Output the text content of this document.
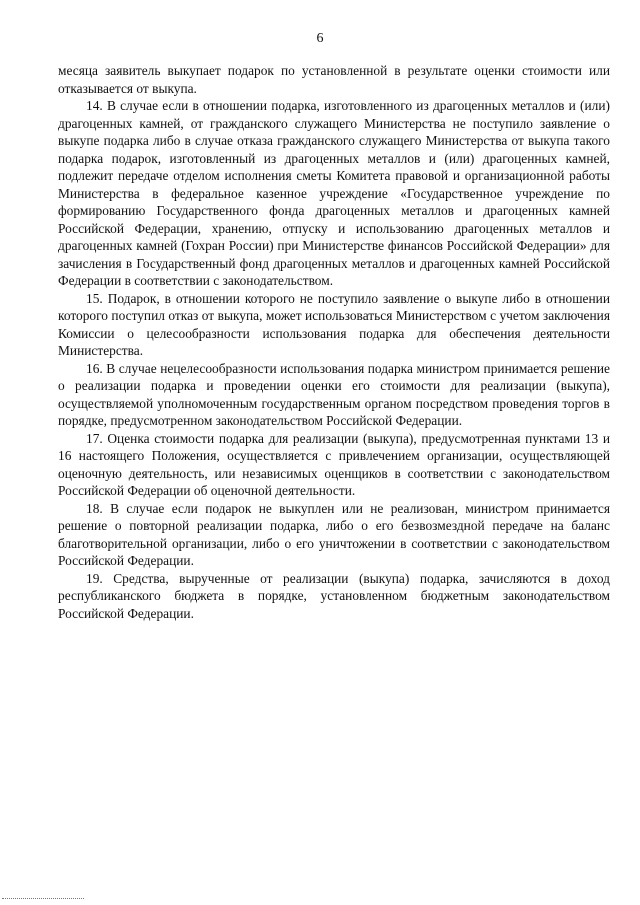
6

месяца заявитель выкупает подарок по установленной в результате оценки стоимости или отказывается от выкупа.

14. В случае если в отношении подарка, изготовленного из драгоценных металлов и (или) драгоценных камней, от гражданского служащего Министерства не поступило заявление о выкупе подарка либо в случае отказа гражданского служащего Министерства от выкупа такого подарка подарок, изготовленный из драгоценных металлов и (или) драгоценных камней, подлежит передаче отделом исполнения сметы Комитета правовой и организационной работы Министерства в федеральное казенное учреждение «Государственное учреждение по формированию Государственного фонда драгоценных металлов и драгоценных камней Российской Федерации, хранению, отпуску и использованию драгоценных металлов и драгоценных камней (Гохран России) при Министерстве финансов Российской Федерации» для зачисления в Государственный фонд драгоценных металлов и драгоценных камней Российской Федерации в соответствии с законодательством.

15. Подарок, в отношении которого не поступило заявление о выкупе либо в отношении которого поступил отказ от выкупа, может использоваться Министерством с учетом заключения Комиссии о целесообразности использования подарка для обеспечения деятельности Министерства.

16. В случае нецелесообразности использования подарка министром принимается решение о реализации подарка и проведении оценки его стоимости для реализации (выкупа), осуществляемой уполномоченным государственным органом посредством проведения торгов в порядке, предусмотренном законодательством Российской Федерации.

17. Оценка стоимости подарка для реализации (выкупа), предусмотренная пунктами 13 и 16 настоящего Положения, осуществляется с привлечением организации, осуществляющей оценочную деятельность, или независимых оценщиков в соответствии с законодательством Российской Федерации об оценочной деятельности.

18. В случае если подарок не выкуплен или не реализован, министром принимается решение о повторной реализации подарка, либо о его безвозмездной передаче на баланс благотворительной организации, либо о его уничтожении в соответствии с законодательством Российской Федерации.

19. Средства, вырученные от реализации (выкупа) подарка, зачисляются в доход республиканского бюджета в порядке, установленном бюджетным законодательством Российской Федерации.
